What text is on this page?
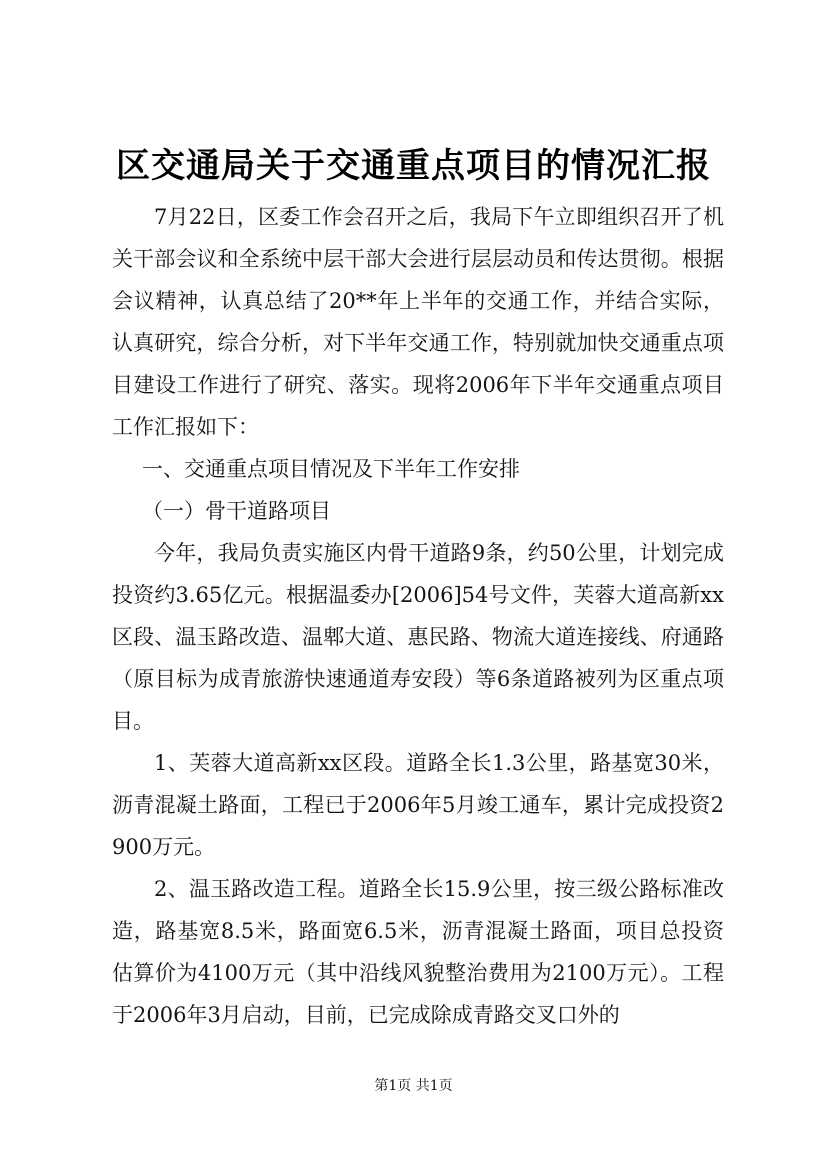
区交通局关于交通重点项目的情况汇报

7月22日，区委工作会召开之后，我局下午立即组织召开了机关干部会议和全系统中层干部大会进行层层动员和传达贯彻。根据会议精神，认真总结了20**年上半年的交通工作，并结合实际，认真研究，综合分析，对下半年交通工作，特别就加快交通重点项目建设工作进行了研究、落实。现将2006年下半年交通重点项目工作汇报如下：

一、交通重点项目情况及下半年工作安排

（一）骨干道路项目

今年，我局负责实施区内骨干道路9条，约50公里，计划完成投资约3.65亿元。根据温委办[2006]54号文件，芙蓉大道高新xx区段、温玉路改造、温郫大道、惠民路、物流大道连接线、府通路（原目标为成青旅游快速通道寿安段）等6条道路被列为区重点项目。

1、芙蓉大道高新xx区段。道路全长1.3公里，路基宽30米，沥青混凝土路面，工程已于2006年5月竣工通车，累计完成投资2900万元。

2、温玉路改造工程。道路全长15.9公里，按三级公路标准改造，路基宽8.5米，路面宽6.5米，沥青混凝土路面，项目总投资估算价为4100万元（其中沿线风貌整治费用为2100万元）。工程于2006年3月启动，目前，已完成除成青路交叉口外的

第1页 共1页
